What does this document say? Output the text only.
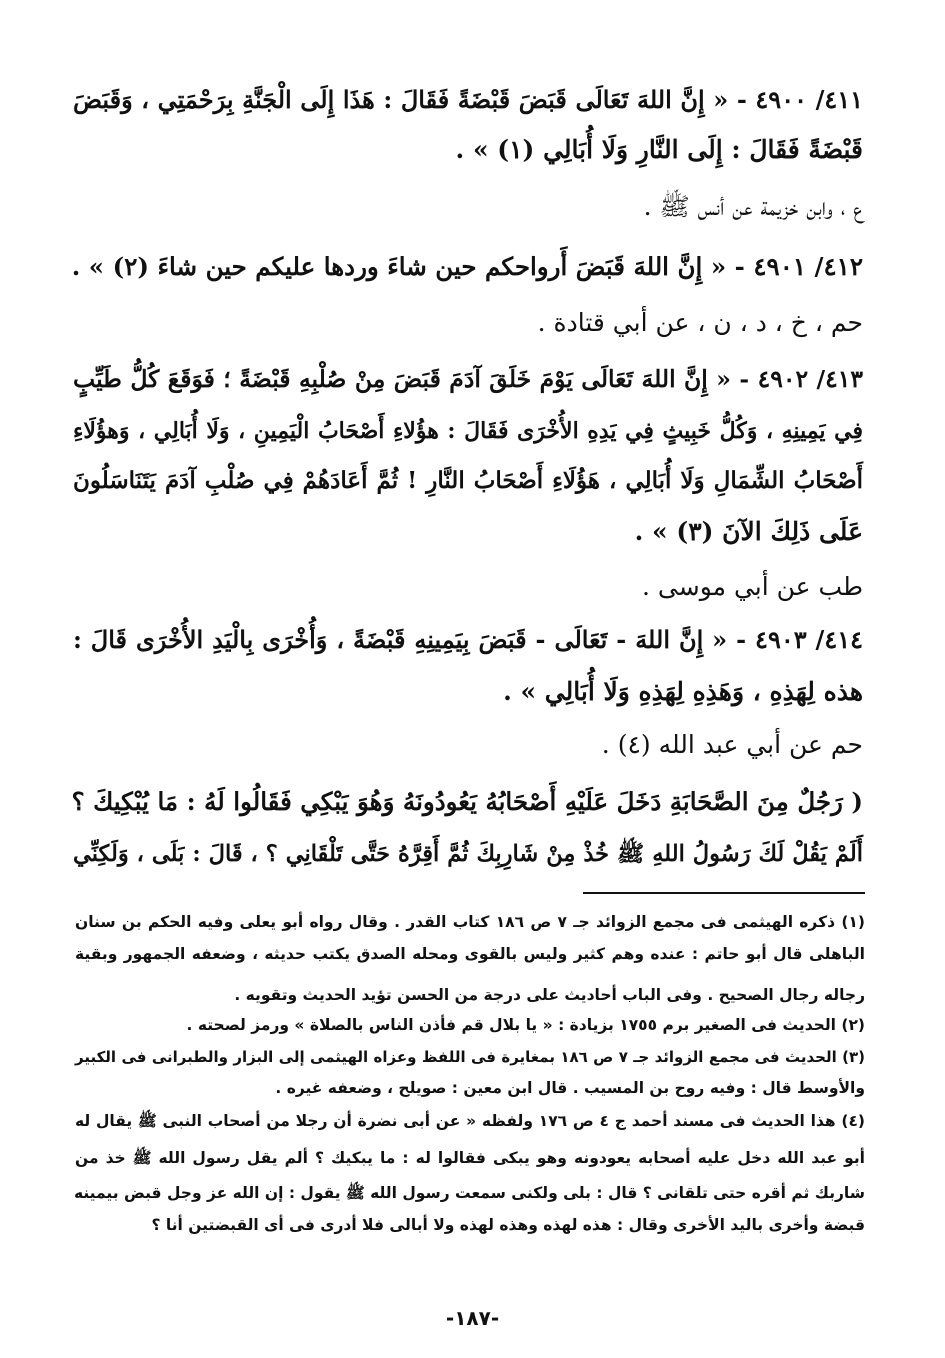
٤١١/ ٤٩٠٠ - « إِنَّ اللهَ تَعَالَى قَبَضَ قَبْضَةً فَقَالَ : هَذَا إِلَى الْجَنَّةِ بِرَحْمَتِي ، وَقَبَضَ
قَبْضَةً فَقَالَ : إِلَى النَّارِ وَلَا أُبَالِي (١) » .
ع ، وابن خزيمة عن أنس ﷺ .
٤١٢/ ٤٩٠١ - « إِنَّ اللهَ قَبَضَ أَرواحكم حين شاءَ وردها عليكم حين شاءَ (٢) » .
حم ، خ ، د ، ن ، عن أبي قتادة .
٤١٣/ ٤٩٠٢ - « إِنَّ اللهَ تَعَالَى يَوْمَ خَلَقَ آدَمَ قَبَضَ مِنْ صُلْبِهِ قَبْضَةً ؛ فَوَقَعَ كُلُّ طَيِّبٍ
فِي يَمِينِهِ ، وَكُلُّ خَبِيثٍ فِي يَدِهِ الأُخْرَى فَقَالَ : هؤُلاءِ أَصْحَابُ الْيَمِينِ ، وَلَا أُبَالِي ، وَهؤُلَاءِ
أَصْحَابُ الشِّمَالِ وَلَا أُبَالِي ، هَؤُلَاءِ أَصْحَابُ النَّارِ ! ثُمَّ أَعَادَهُمْ فِي صُلْبِ آدَمَ يَتَنَاسَلُونَ
عَلَى ذَلِكَ الآنَ (٣) » .
طب عن أبي موسى .
٤١٤/ ٤٩٠٣ - « إِنَّ اللهَ - تَعَالَى - قَبَضَ بِيَمِينِهِ قَبْضَةً ، وَأُخْرَى بِالْيَدِ الأُخْرَى قَالَ :
هذه لِهَذِهِ ، وَهَذِهِ لِهَذِهِ وَلَا أُبَالِي » .
حم عن أبي عبد الله (٤) .
( رَجُلٌ مِنَ الصَّحَابَةِ دَخَلَ عَلَيْهِ أَصْحَابُهُ يَعُودُونَهُ وَهُوَ يَبْكِي فَقَالُوا لَهُ : مَا يُبْكِيكَ ؟
أَلَمْ يَقُلْ لَكَ رَسُولُ اللهِ ﷺ خُذْ مِنْ شَارِبِكَ ثُمَّ أَقِرَّهُ حَتَّى تَلْقَانِي ؟ ، قَالَ : بَلَى ، وَلَكِنِّي
(١) ذكره الهيثمى فى مجمع الزوائد جـ ٧ ص ١٨٦ كتاب القدر . وقال رواه أبو يعلى وفيه الحكم بن سنان
الباهلى قال أبو حاتم : عنده وهم كثير وليس بالقوى ومحله الصدق يكتب حديثه ، وضعفه الجمهور وبقية
رجاله رجال الصحيح . وفى الباب أحاديث على درجة من الحسن تؤيد الحديث وتقويه .
(٢) الحديث فى الصغير برم ١٧٥٥ بزيادة : « يا بلال قم فأذن الناس بالصلاة » ورمز لصحته .
(٣) الحديث فى مجمع الزوائد جـ ٧ ص ١٨٦ بمغايرة فى اللفظ وعزاه الهيثمى إلى البزار والطبرانى فى الكبير
والأوسط قال : وفيه روح بن المسيب . قال ابن معين : صويلح ، وضعفه غيره .
(٤) هذا الحديث فى مسند أحمد ج ٤ ص ١٧٦ ولفظه « عن أبى نضرة أن رجلا من أصحاب النبى ﷺ يقال له
أبو عبد الله دخل عليه أصحابه يعودونه وهو يبكى فقالوا له : ما يبكيك ؟ ألم يقل رسول الله ﷺ خذ من
شاربك ثم أقره حتى تلقانى ؟ قال : بلى ولكنى سمعت رسول الله ﷺ يقول : إن الله عز وجل قبض بيمينه
قبضة وأخرى باليد الأخرى وقال : هذه لهذه وهذه لهذه ولا أبالى فلا أدرى فى أى القبضتين أنا ؟
-١٨٧-
